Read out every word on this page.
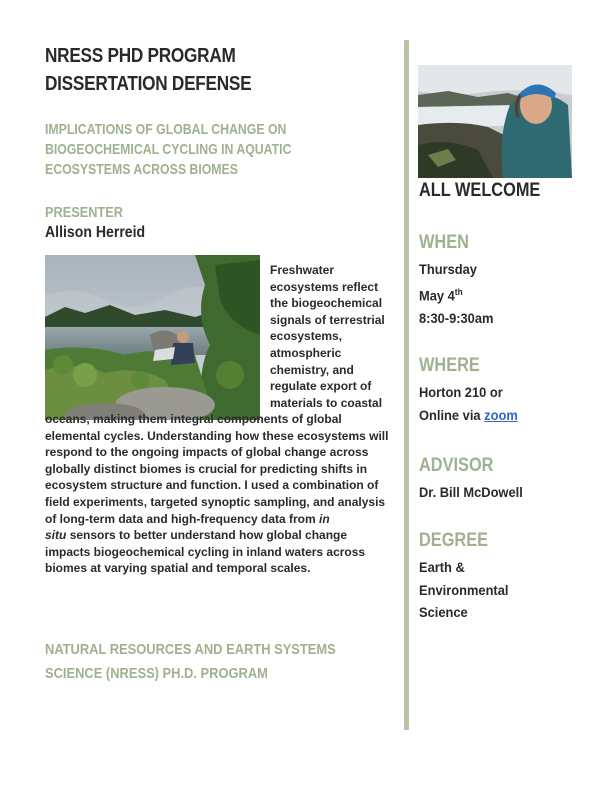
NRESS PHD PROGRAM
DISSERTATION DEFENSE
IMPLICATIONS OF GLOBAL CHANGE ON
BIOGEOCHEMICAL CYCLING IN AQUATIC
ECOSYSTEMS ACROSS BIOMES
PRESENTER
Allison Herreid
Freshwater
ecosystems reflect
the biogeochemical
signals of terrestrial
ecosystems,
atmospheric
chemistry, and
regulate export of
materials to coastal
oceans, making them integral components of global
elemental cycles. Understanding how these ecosystems will
respond to the ongoing impacts of global change across
globally distinct biomes is crucial for predicting shifts in
ecosystem structure and function. I used a combination of
field experiments, targeted synoptic sampling, and analysis
of long-term data and high-frequency data from in
situ sensors to better understand how global change
impacts biogeochemical cycling in inland waters across
biomes at varying spatial and temporal scales.
NATURAL RESOURCES AND EARTH SYSTEMS
SCIENCE (NRESS) PH.D. PROGRAM
ALL WELCOME
WHEN
Thursday
May 4th
8:30-9:30am
WHERE
Horton 210 or
Online via zoom
ADVISOR
Dr. Bill McDowell
DEGREE
Earth &
Environmental
Science
